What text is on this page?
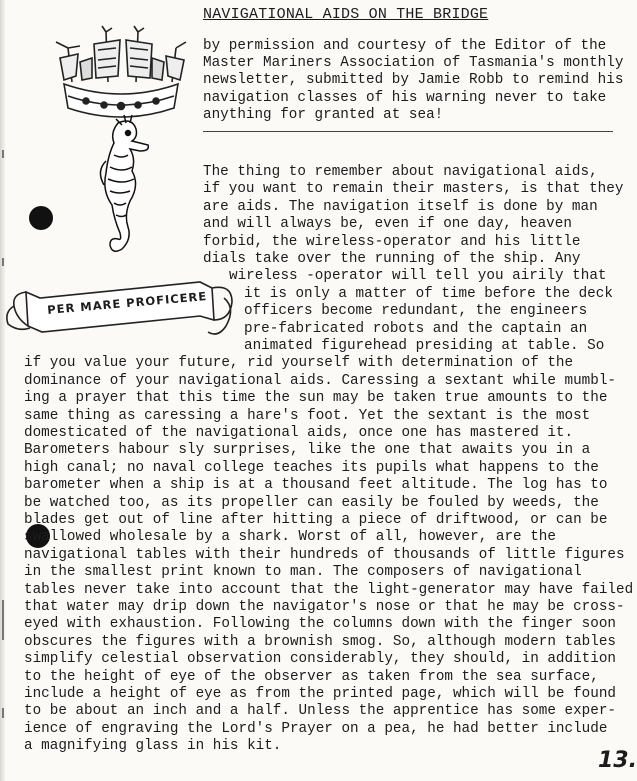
PER MARE PROFICERE
NAVIGATIONAL AIDS ON THE BRIDGE
by permission and courtesy of the Editor of the
Master Mariners Association of Tasmania's monthly
newsletter, submitted by Jamie Robb to remind his
navigation classes of his warning never to take
anything for granted at sea!
The thing to remember about navigational aids,
if you want to remain their masters, is that they
are aids. The navigation itself is done by man
and will always be, even if one day, heaven
forbid, the wireless-operator and his little
dials take over the running of the ship. Any
wireless -operator will tell you airily that
it is only a matter of time before the deck
officers become redundant, the engineers
pre-fabricated robots and the captain an
animated figurehead presiding at table. So
if you value your future, rid yourself with determination of the
dominance of your navigational aids. Caressing a sextant while mumbl-
ing a prayer that this time the sun may be taken true amounts to the
same thing as caressing a hare's foot. Yet the sextant is the most
domesticated of the navigational aids, once one has mastered it.
Barometers habour sly surprises, like the one that awaits you in a
high canal; no naval college teaches its pupils what happens to the
barometer when a ship is at a thousand feet altitude. The log has to
be watched too, as its propeller can easily be fouled by weeds, the
blades get out of line after hitting a piece of driftwood, or can be
swallowed wholesale by a shark. Worst of all, however, are the
navigational tables with their hundreds of thousands of little figures
in the smallest print known to man. The composers of navigational
tables never take into account that the light-generator may have failed
that water may drip down the navigator's nose or that he may be cross-
eyed with exhaustion. Following the columns down with the finger soon
obscures the figures with a brownish smog. So, although modern tables
simplify celestial observation considerably, they should, in addition
to the height of eye of the observer as taken from the sea surface,
include a height of eye as from the printed page, which will be found
to be about an inch and a half. Unless the apprentice has some exper-
ience of engraving the Lord's Prayer on a pea, he had better include
a magnifying glass in his kit.
13.
